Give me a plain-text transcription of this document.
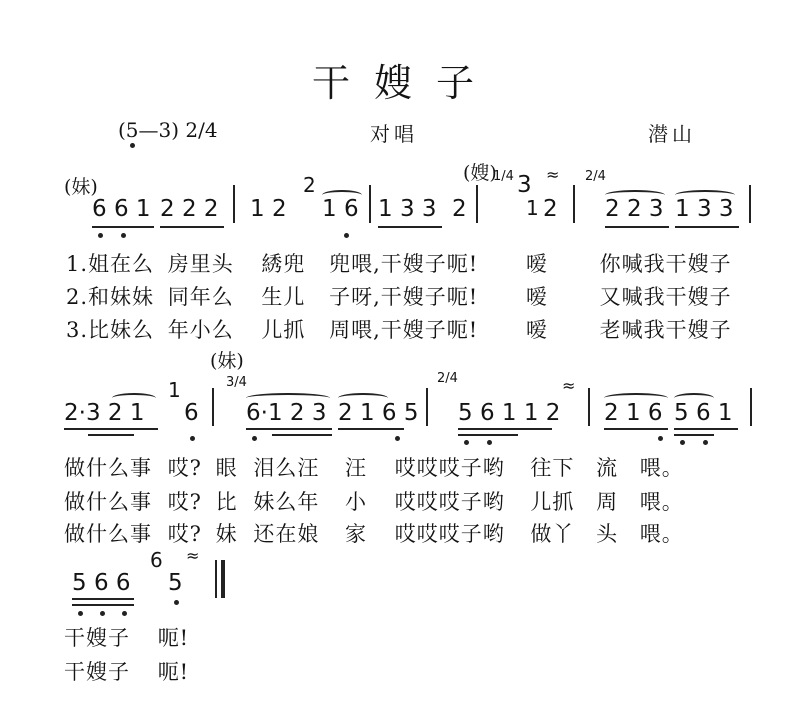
干嫂子
(5—3) 2/4	对唱	潜山
(妹)
(嫂)
6 6 1 2 2 2 1 2
2
1 6 1 3 3 2
1/4 3
1 2
≈ 2/4
2 2 3 1 3 3
1.姐在么 房里头 綉兜 兜喂,干嫂子呃! 嗳 你喊我干嫂子
2.和妹妹 同年么 生儿 子呀,干嫂子呃! 嗳 又喊我干嫂子
3.比妹么 年小么 儿抓 周喂,干嫂子呃! 嗳 老喊我干嫂子
(妹)
2·3 2 1
1
6
3/4
6·1 2 3 2 1 6 5
2/4
5 6 1 1 2
≈
2 1 6 5 6 1
做什么事 哎? 眼 泪么汪 汪 哎哎哎子哟 往下 流 喂。
做什么事 哎? 比 妹么年 小 哎哎哎子哟 儿抓 周 喂。
做什么事 哎? 妹 还在娘 家 哎哎哎子哟 做丫 头 喂。
5 6 6
6
5
≈
干嫂子 呃!
干嫂子 呃!
